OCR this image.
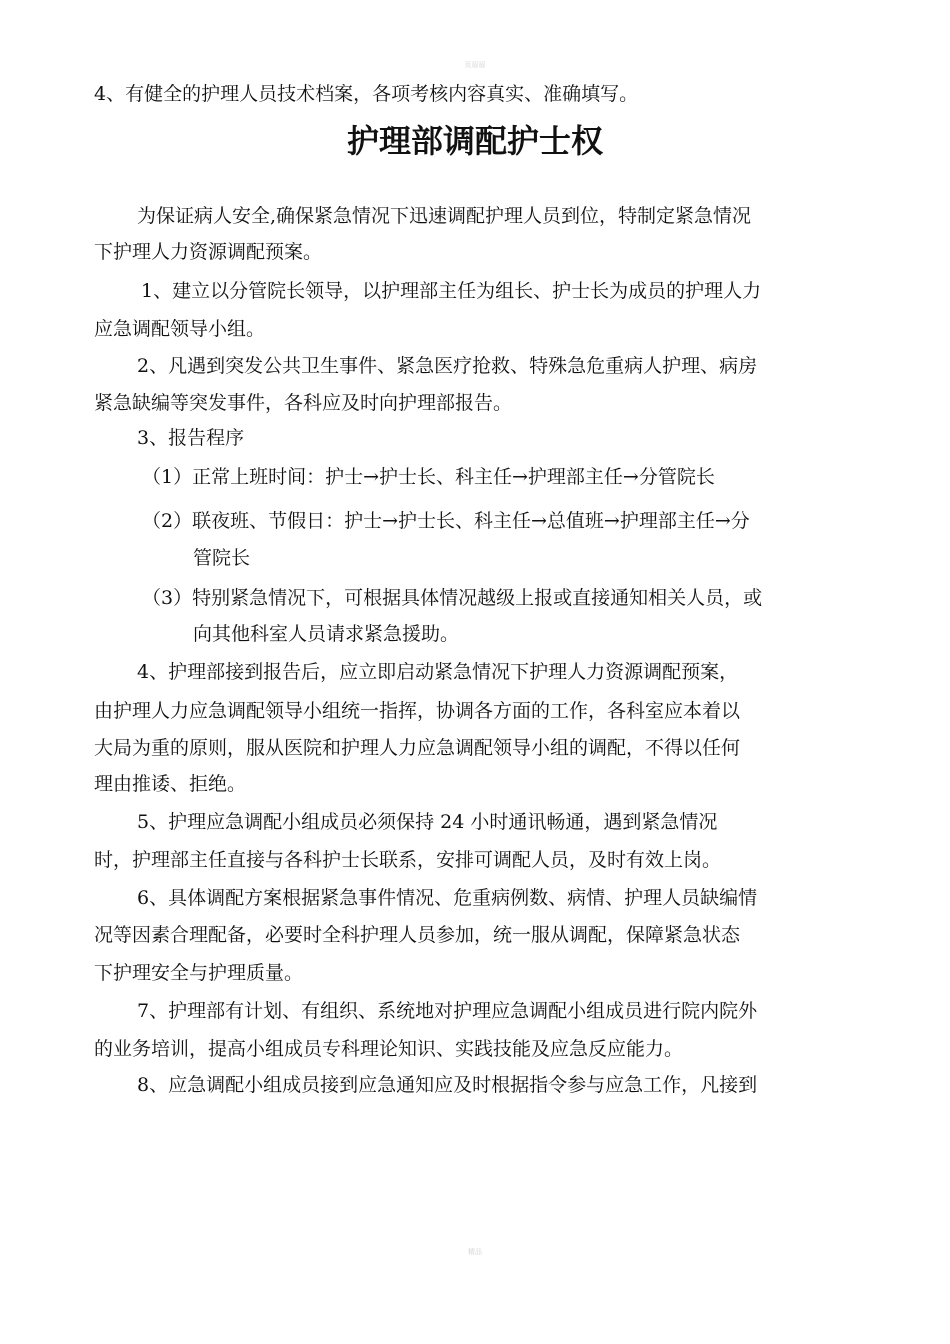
页眉眉
4、有健全的护理人员技术档案，各项考核内容真实、准确填写。
护理部调配护士权
为保证病人安全,确保紧急情况下迅速调配护理人员到位，特制定紧急情况
下护理人力资源调配预案。
1、建立以分管院长领导，以护理部主任为组长、护士长为成员的护理人力
应急调配领导小组。
2、凡遇到突发公共卫生事件、紧急医疗抢救、特殊急危重病人护理、病房
紧急缺编等突发事件，各科应及时向护理部报告。
3、报告程序
（1）正常上班时间：护士→护士长、科主任→护理部主任→分管院长
（2）联夜班、节假日：护士→护士长、科主任→总值班→护理部主任→分
管院长
（3）特别紧急情况下，可根据具体情况越级上报或直接通知相关人员，或
向其他科室人员请求紧急援助。
4、护理部接到报告后，应立即启动紧急情况下护理人力资源调配预案，
由护理人力应急调配领导小组统一指挥，协调各方面的工作，各科室应本着以
大局为重的原则，服从医院和护理人力应急调配领导小组的调配，不得以任何
理由推诿、拒绝。
5、护理应急调配小组成员必须保持 24 小时通讯畅通，遇到紧急情况
时，护理部主任直接与各科护士长联系，安排可调配人员，及时有效上岗。
6、具体调配方案根据紧急事件情况、危重病例数、病情、护理人员缺编情
况等因素合理配备，必要时全科护理人员参加，统一服从调配，保障紧急状态
下护理安全与护理质量。
7、护理部有计划、有组织、系统地对护理应急调配小组成员进行院内院外
的业务培训，提高小组成员专科理论知识、实践技能及应急反应能力。
8、应急调配小组成员接到应急通知应及时根据指令参与应急工作，凡接到
精品
